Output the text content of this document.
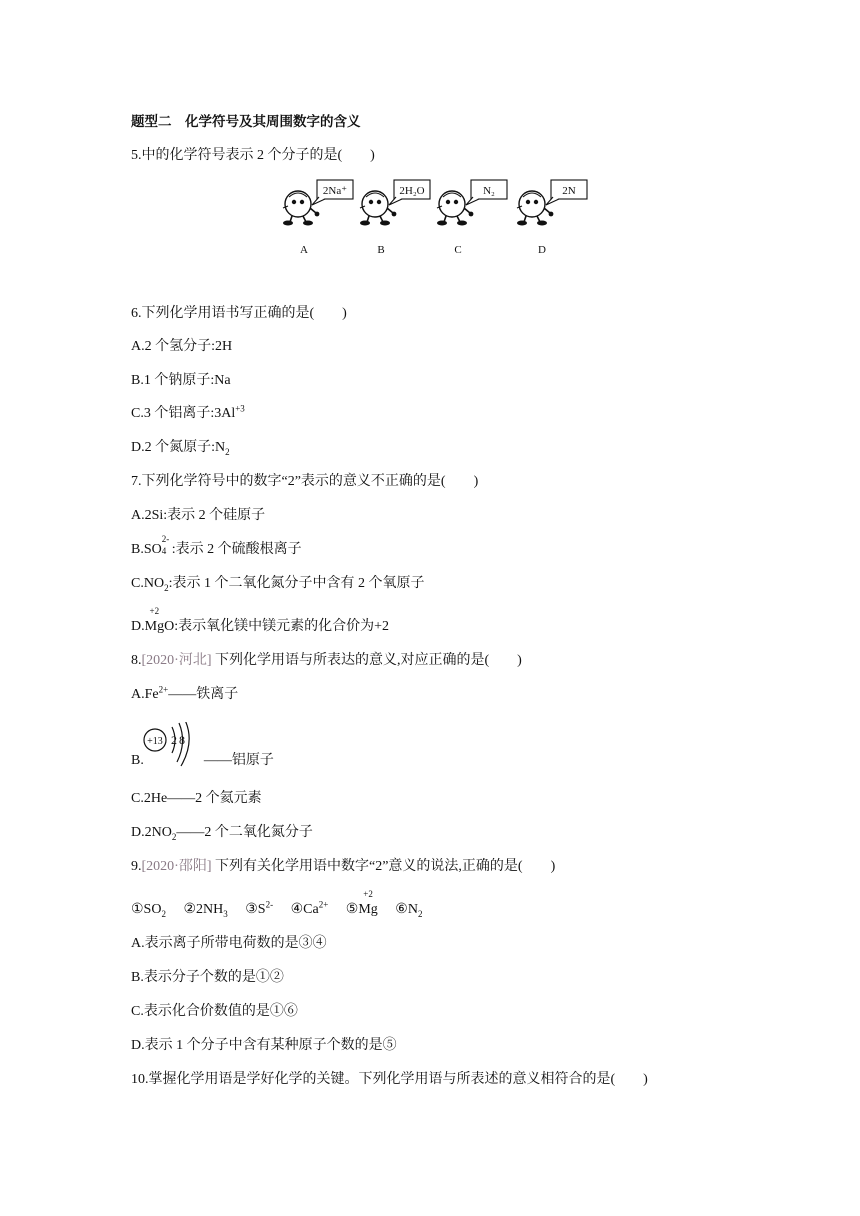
题型二　化学符号及其周围数字的含义
5.中的化学符号表示 2 个分子的是(　　)
2Na⁺
A
2H₂O
B
N₂
C
2N
D
6.下列化学用语书写正确的是(　　)
A.2 个氢分子:2H
B.1 个钠原子:Na
C.3 个铝离子$:3Al^{+3}$
D.2 个氮原子$:N_2$
7.下列化学符号中的数字“2”表示的意义不正确的是(　　)
A.2Si:表示 2 个硅原子
B.SO
2-
4 :表示 2 个硫酸根离子
$C.NO_2$:表示 1 个二氧化氮分子中含有 2 个氧原子
D.
+2
MgO:表示氧化镁中镁元素的化合价为+2
8.[2020·河北] 下列化学用语与所表达的意义,对应正确的是(　　)
$A.Fe^{2+}——$铁离子
B.	——铝原子
+13 2 8
C.2He——2 个氦元素
$D.2NO_2——2$ 个二氧化氮分子
9.[2020·邵阳] 下列有关化学用语中数字“2”意义的说法,正确的是(　　)
$①SO_2$ $②2NH_3$ $③S^{2-}$ $④Ca^{2+}$ ⑤
+2
Mg $⑥N_2$
A.表示离子所带电荷数的是③④
B.表示分子个数的是①②
C.表示化合价数值的是①⑥
D.表示 1 个分子中含有某种原子个数的是⑤
10.掌握化学用语是学好化学的关键。下列化学用语与所表述的意义相符合的是(　　)
